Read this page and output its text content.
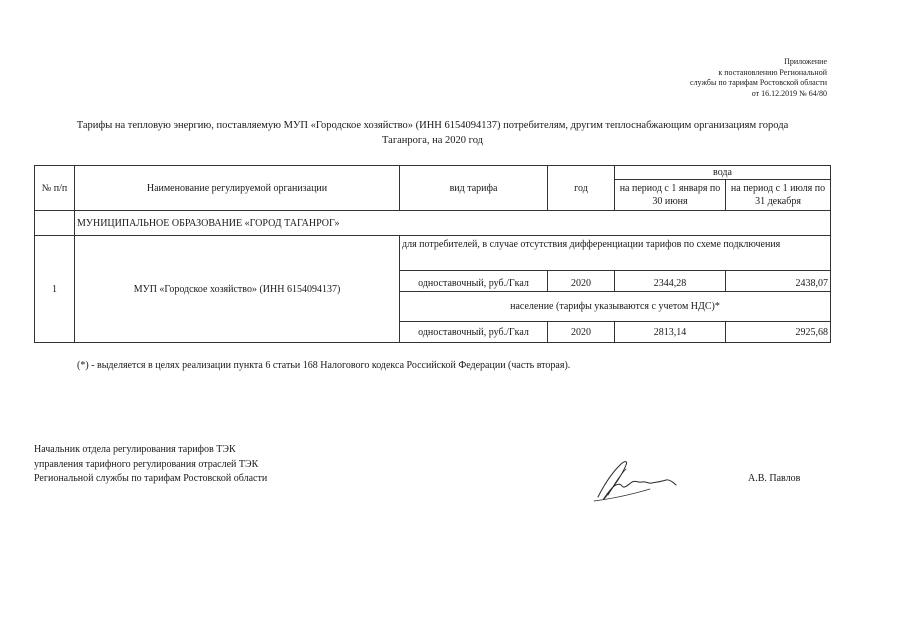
Приложение
к постановлению Региональной
службы по тарифам Ростовской области
от 16.12.2019 № 64/80
Тарифы на тепловую энергию, поставляемую МУП «Городское хозяйство» (ИНН 6154094137) потребителям, другим теплоснабжающим организациям города
Таганрога, на 2020 год
№ п/п	Наименование регулируемой организации	вид тарифа	год	вода	
				на период с 1 января по 30 июня	на период с 1 июля по 31 декабря
	МУНИЦИПАЛЬНОЕ ОБРАЗОВАНИЕ «ГОРОД ТАГАНРОГ»				
1	МУП «Городское хозяйство» (ИНН 6154094137)	для потребителей, в случае отсутствия дифференциации тарифов по схеме подключения			
		одноставочный, руб./Гкал	2020	2344,28	2438,07
		население (тарифы указываются с учетом НДС)*			
		одноставочный, руб./Гкал	2020	2813,14	2925,68
(*) - выделяется в целях реализации пункта 6 статьи 168 Налогового кодекса Российской Федерации (часть вторая).
Начальник отдела регулирования тарифов ТЭК
управления тарифного регулирования отраслей ТЭК
Региональной службы по тарифам Ростовской области	А.В. Павлов
